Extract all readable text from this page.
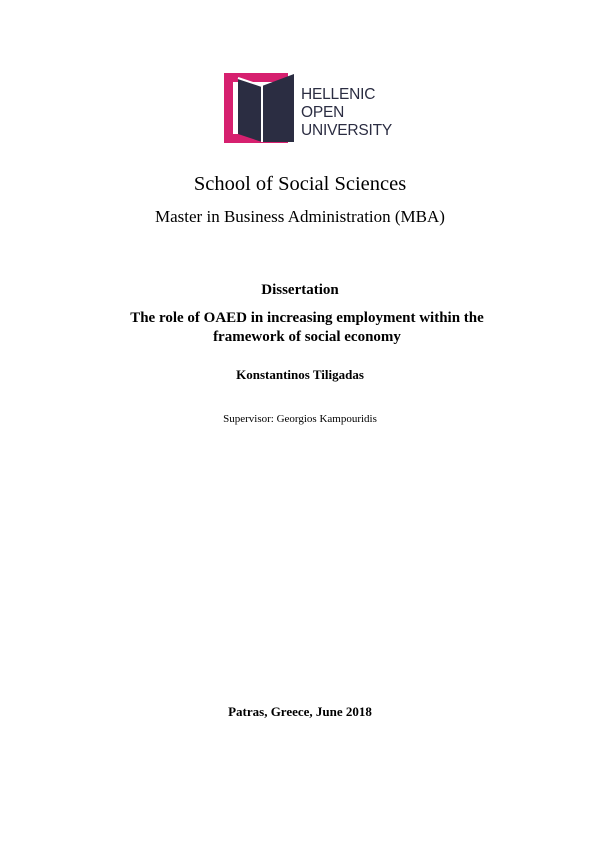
HELLENIC
OPEN
UNIVERSITY
School of Social Sciences
Master in Business Administration (MBA)
Dissertation
The role of OAED in increasing employment within the
framework of social economy
Konstantinos Tiligadas
Supervisor: Georgios Kampouridis
Patras, Greece, June 2018
